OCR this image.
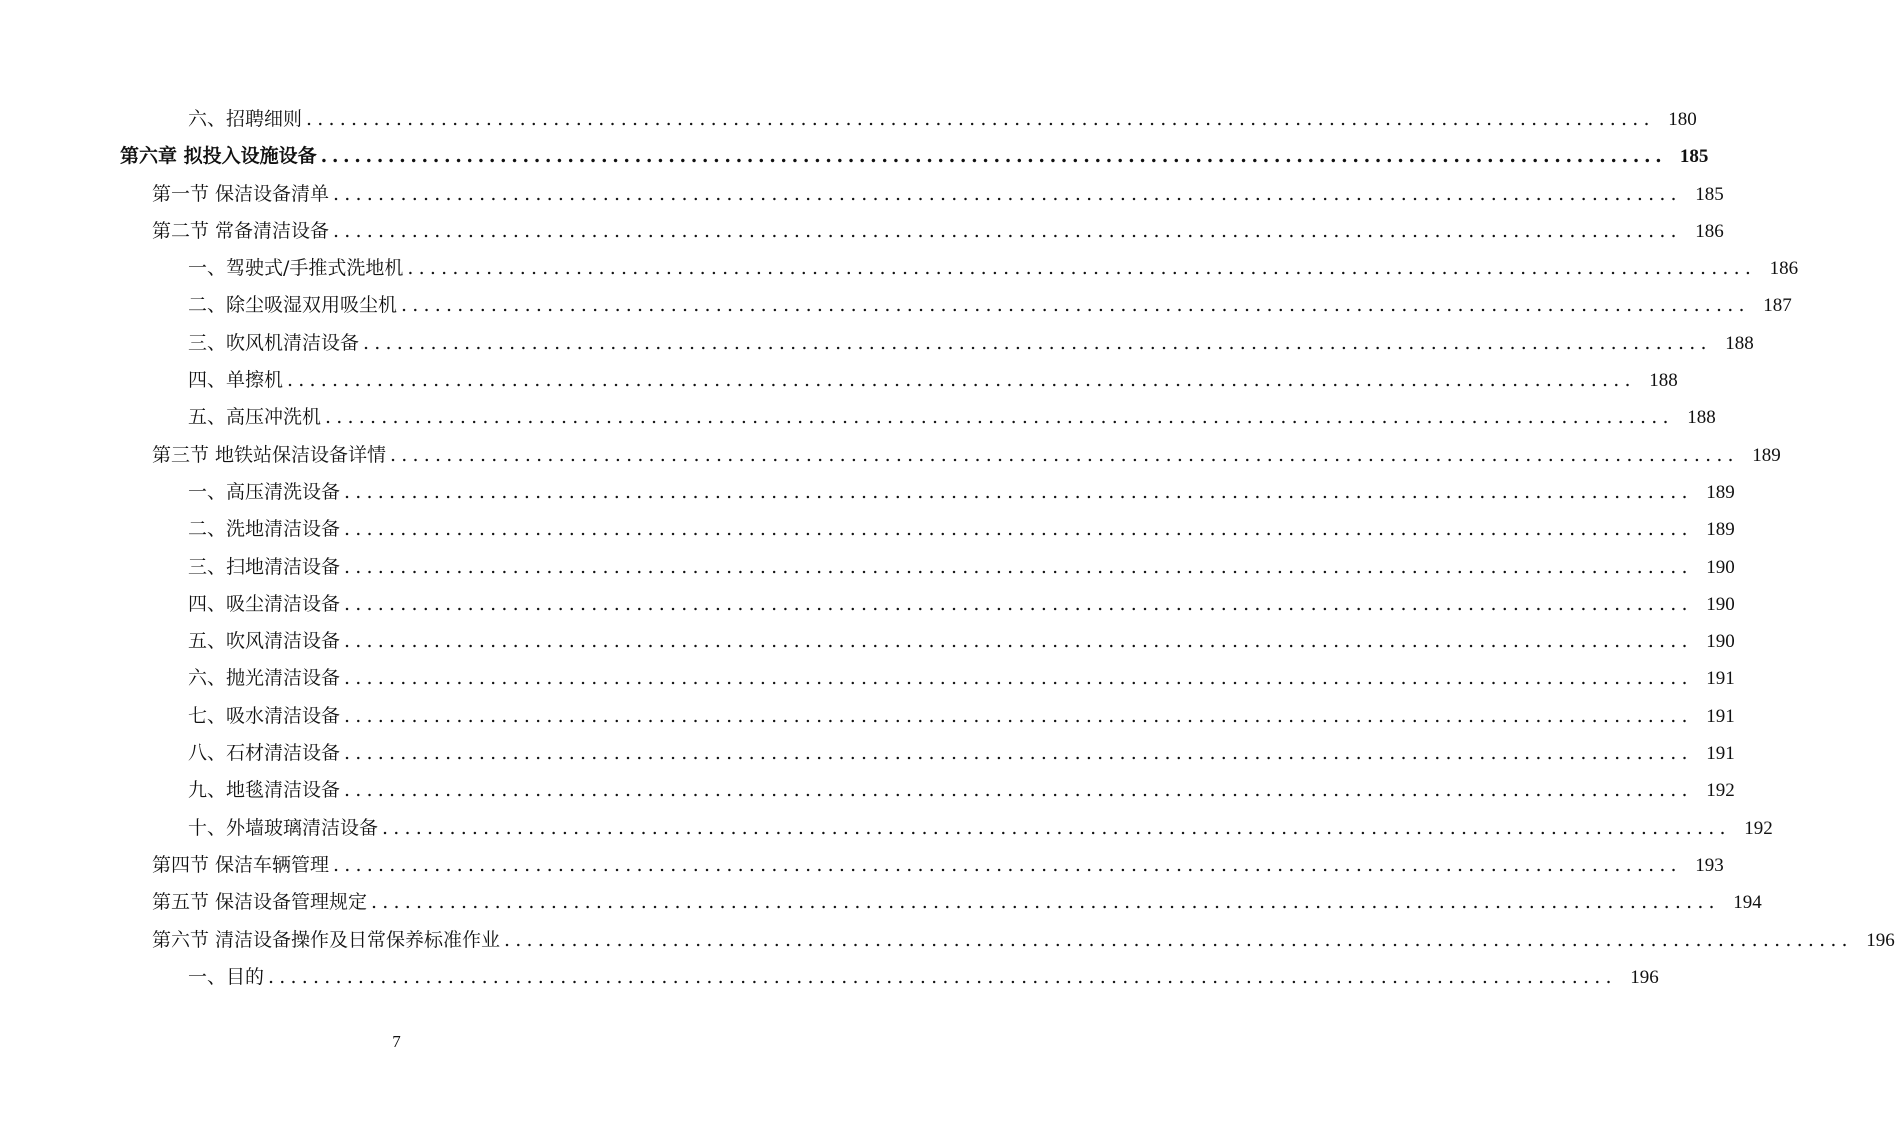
六、招聘细则 ........................................................................................................................ 180
第六章 拟投入设施设备 ........................................................................................................................ 185
第一节 保洁设备清单 ........................................................................................................................ 185
第二节 常备清洁设备 ........................................................................................................................ 186
一、驾驶式/手推式洗地机 ........................................................................................................................ 186
二、除尘吸湿双用吸尘机 ........................................................................................................................ 187
三、吹风机清洁设备 ........................................................................................................................ 188
四、单擦机 ........................................................................................................................ 188
五、高压冲洗机 ........................................................................................................................ 188
第三节 地铁站保洁设备详情 ........................................................................................................................ 189
一、高压清洗设备 ........................................................................................................................ 189
二、洗地清洁设备 ........................................................................................................................ 189
三、扫地清洁设备 ........................................................................................................................ 190
四、吸尘清洁设备 ........................................................................................................................ 190
五、吹风清洁设备 ........................................................................................................................ 190
六、抛光清洁设备 ........................................................................................................................ 191
七、吸水清洁设备 ........................................................................................................................ 191
八、石材清洁设备 ........................................................................................................................ 191
九、地毯清洁设备 ........................................................................................................................ 192
十、外墙玻璃清洁设备 ........................................................................................................................ 192
第四节 保洁车辆管理 ........................................................................................................................ 193
第五节 保洁设备管理规定 ........................................................................................................................ 194
第六节 清洁设备操作及日常保养标准作业 ........................................................................................................................ 196
一、目的 ........................................................................................................................ 196
7
